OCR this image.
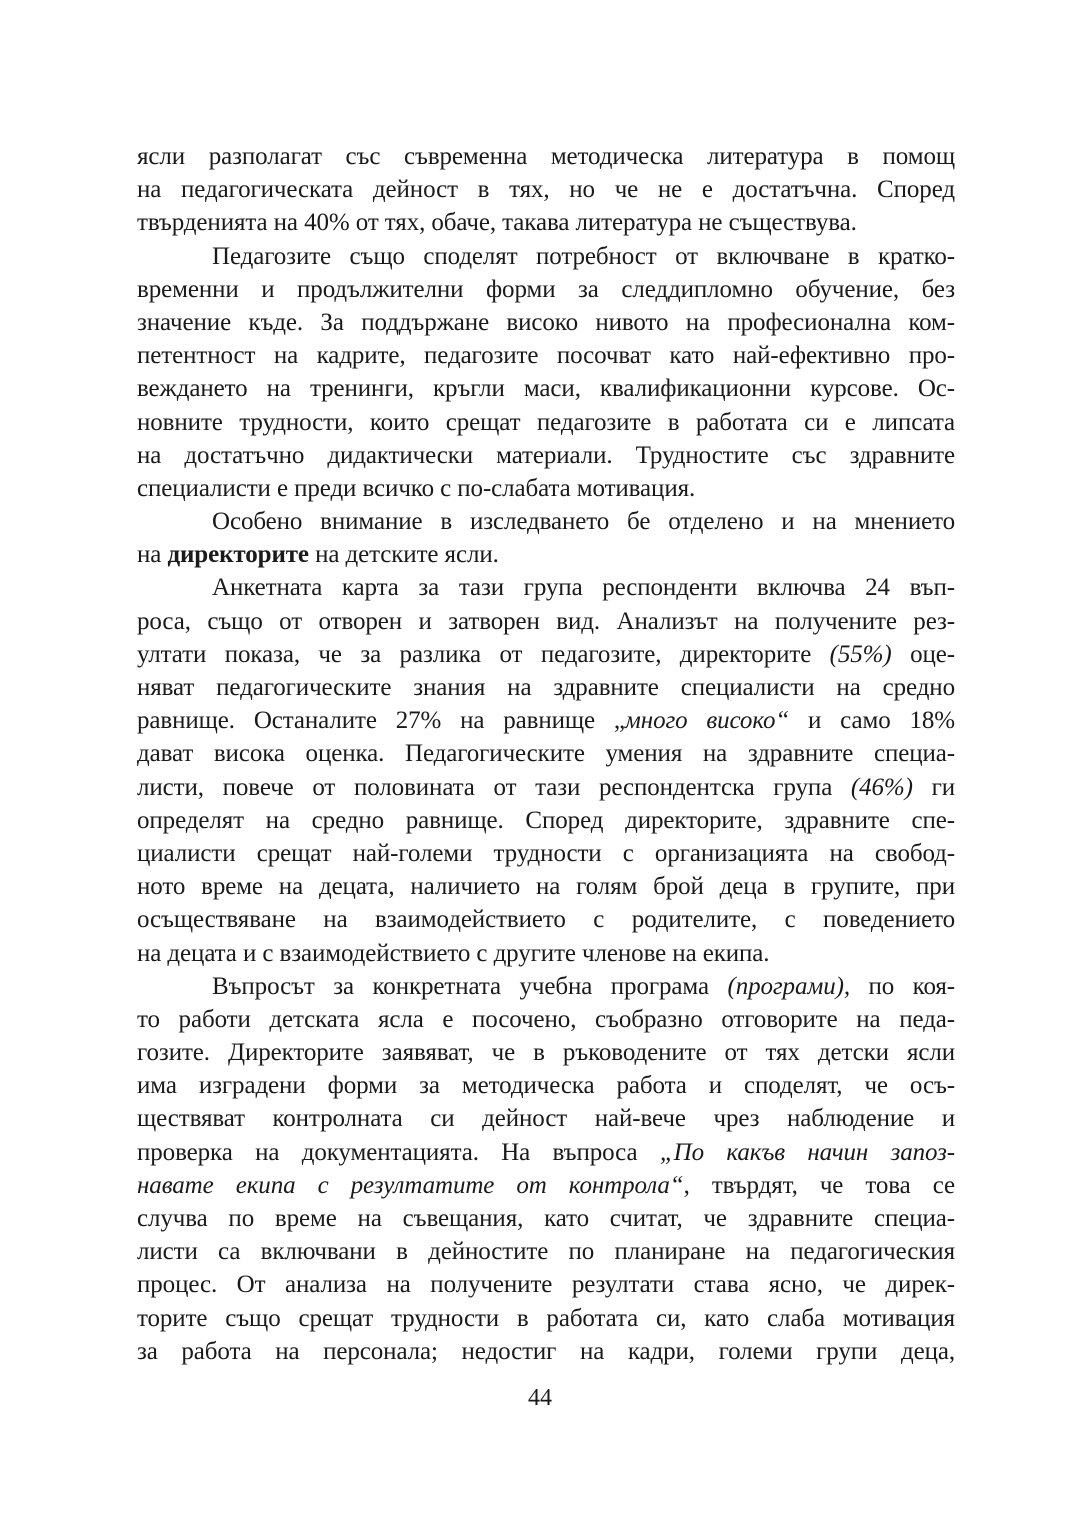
ясли разполагат със съвременна методическа литература в помощ
на педагогическата дейност в тях, но че не е достатъчна. Според
твърденията на 40% от тях, обаче, такава литература не съществува.
Педагозите също споделят потребност от включване в кратко-
временни и продължителни форми за следдипломно обучение, без
значение къде. За поддържане високо нивото на професионална ком-
петентност на кадрите, педагозите посочват като най-ефективно про-
веждането на тренинги, кръгли маси, квалификационни курсове. Ос-
новните трудности, които срещат педагозите в работата си е липсата
на достатъчно дидактически материали. Трудностите със здравните
специалисти е преди всичко с по-слабата мотивация.
Особено внимание в изследването бе отделено и на мнението
на директорите на детските ясли.
Анкетната карта за тази група респонденти включва 24 въп-
роса, също от отворен и затворен вид. Анализът на получените рез-
ултати показа, че за разлика от педагозите, директорите (55%) оце-
няват педагогическите знания на здравните специалисти на средно
равнище. Останалите 27% на равнище „много високо“ и само 18%
дават висока оценка. Педагогическите умения на здравните специа-
листи, повече от половината от тази респондентска група (46%) ги
определят на средно равнище. Според директорите, здравните спе-
циалисти срещат най-големи трудности с организацията на свобод-
ното време на децата, наличието на голям брой деца в групите, при
осъществяване на взаимодействието с родителите, с поведението
на децата и с взаимодействието с другите членове на екипа.
Въпросът за конкретната учебна програма (програми), по коя-
то работи детската ясла е посочено, съобразно отговорите на педа-
гозите. Директорите заявяват, че в ръководените от тях детски ясли
има изградени форми за методическа работа и споделят, че осъ-
ществяват контролната си дейност най-вече чрез наблюдение и
проверка на документацията. На въпроса „По какъв начин запоз-
навате екипа с резултатите от контрола“, твърдят, че това се
случва по време на съвещания, като считат, че здравните специа-
листи са включвани в дейностите по планиране на педагогическия
процес. От анализа на получените резултати става ясно, че дирек-
торите също срещат трудности в работата си, като слаба мотивация
за работа на персонала; недостиг на кадри, големи групи деца,
44
